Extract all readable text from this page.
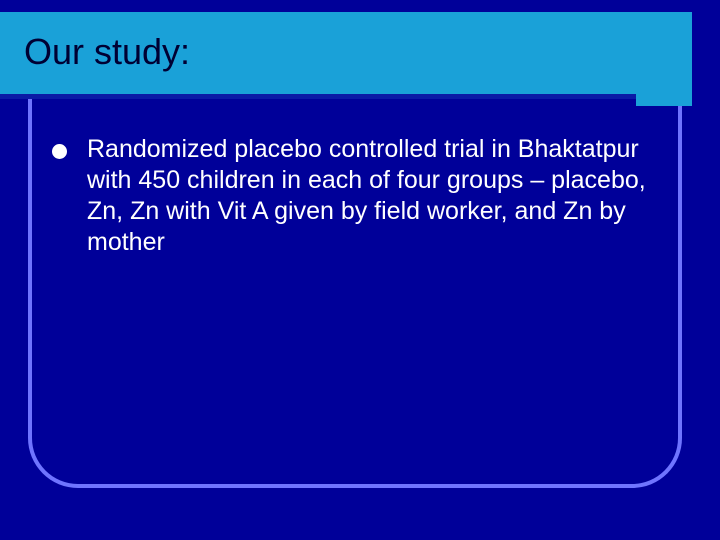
Our study:
Randomized placebo controlled trial in Bhaktatpur with 450 children in each of four groups – placebo, Zn, Zn with Vit A given by field worker, and Zn by mother
